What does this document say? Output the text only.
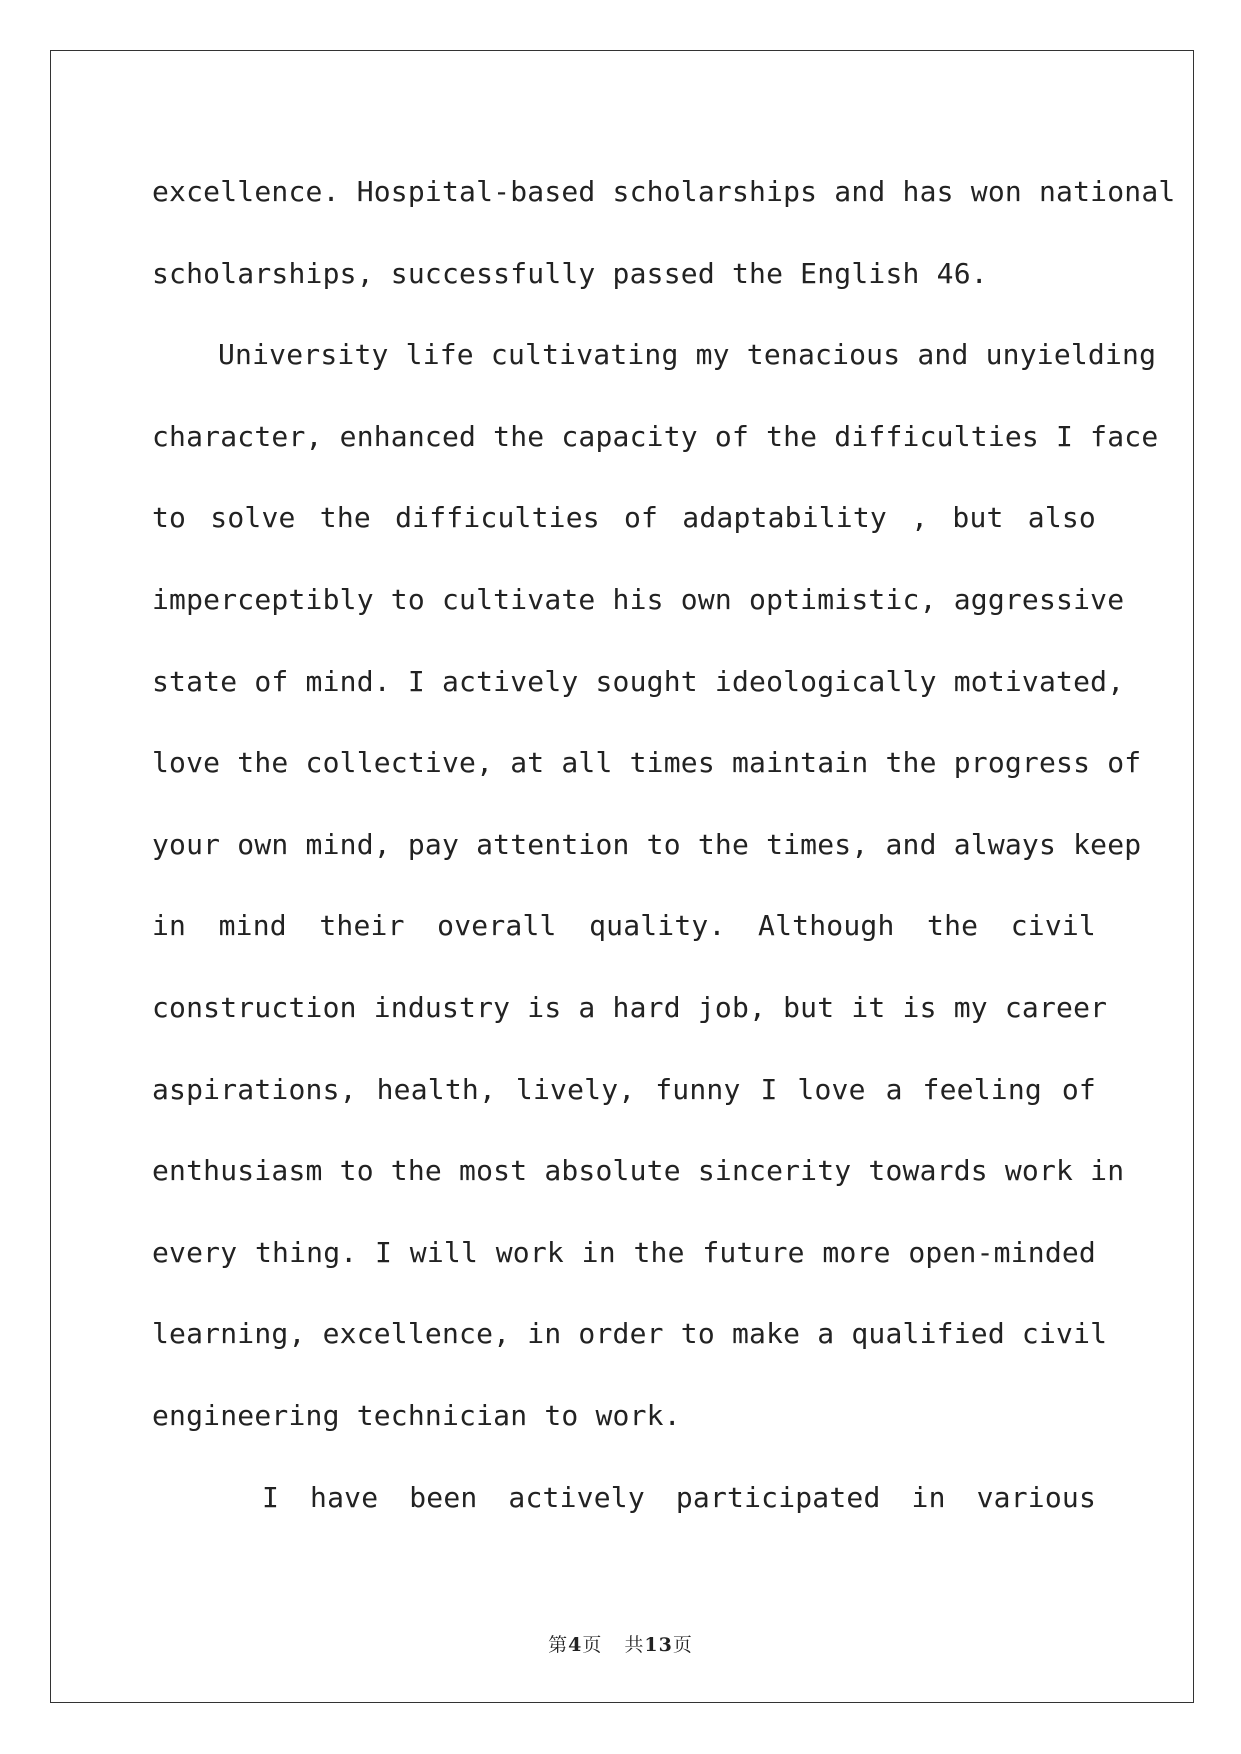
excellence. Hospital-based scholarships and has won national
scholarships, successfully passed the English 46.
University life cultivating my tenacious and unyielding
character, enhanced the capacity of the difficulties I face
to solve the difficulties of adaptability , but also
imperceptibly to cultivate his own optimistic, aggressive
state of mind. I actively sought ideologically motivated,
love the collective, at all times maintain the progress of
your own mind, pay attention to the times, and always keep
in mind their overall quality. Although the civil
construction industry is a hard job, but it is my career
aspirations, health, lively, funny I love a feeling of
enthusiasm to the most absolute sincerity towards work in
every thing. I will work in the future more open-minded
learning, excellence, in order to make a qualified civil
engineering technician to work.
I have been actively participated in various
第4页 共13页
